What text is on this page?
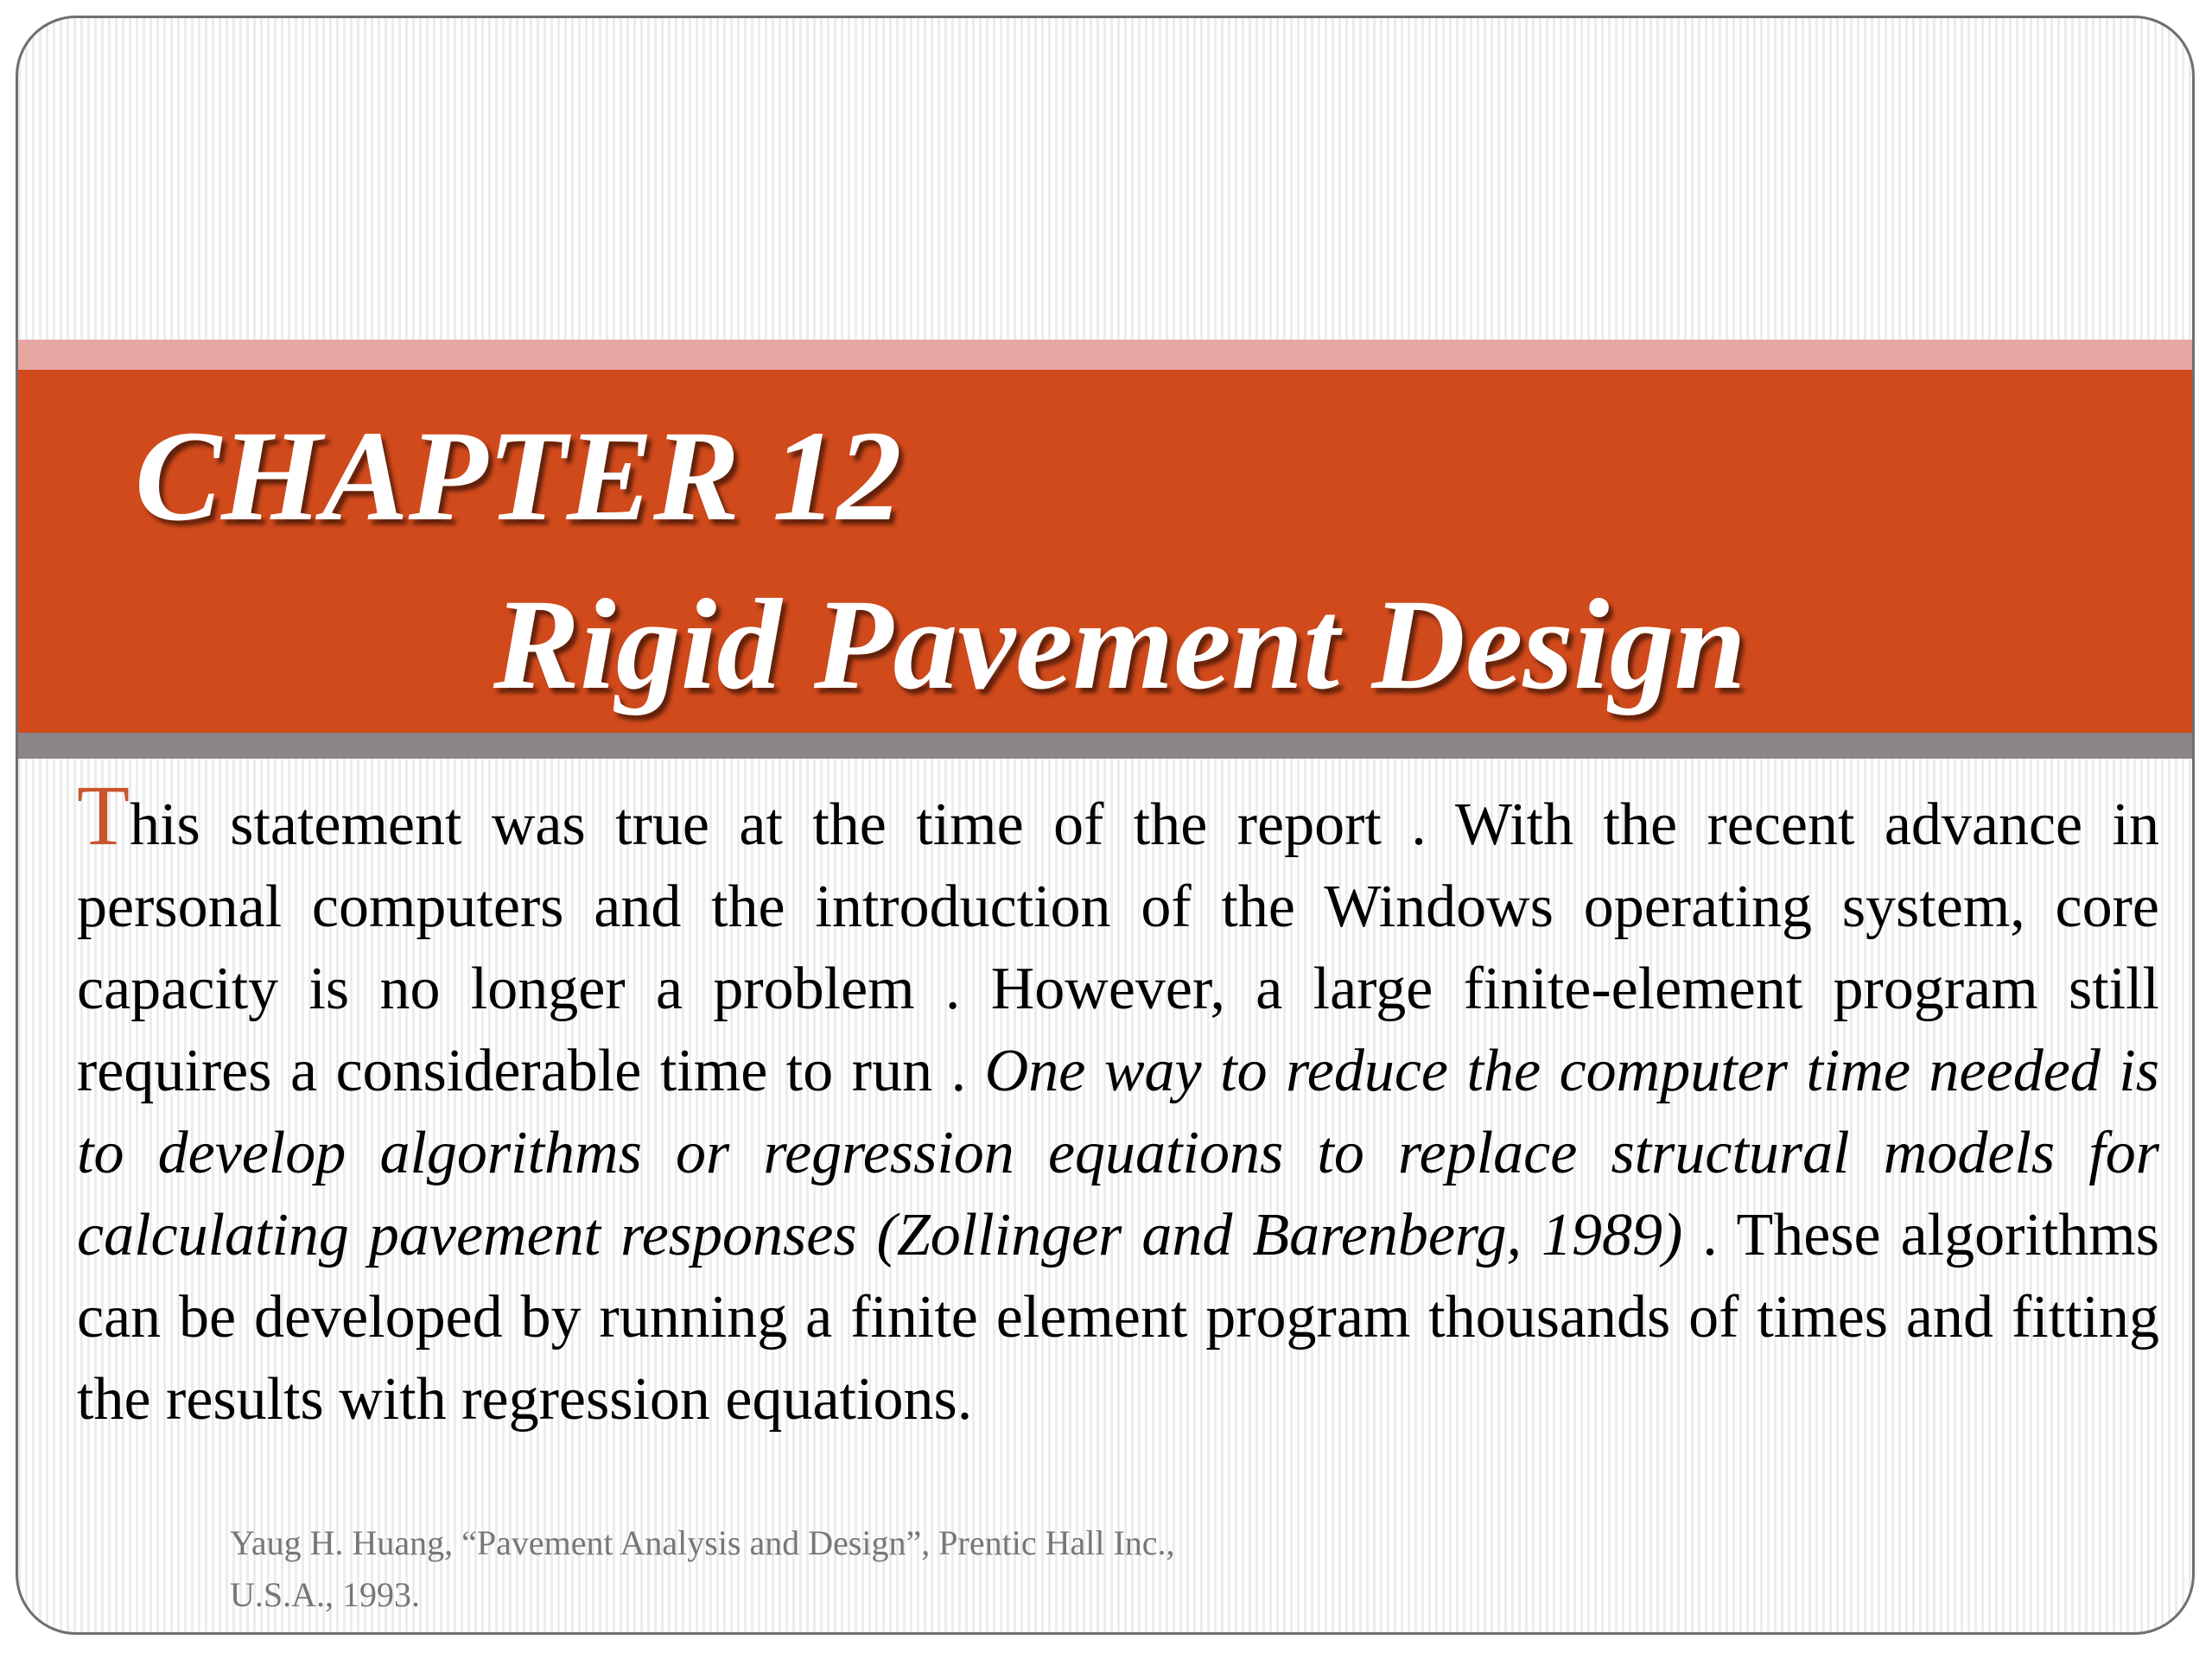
CHAPTER 12
Rigid Pavement Design

This statement was true at the time of the report . With the recent advance in personal computers and the introduction of the Windows operating system, core capacity is no longer a problem . However, a large finite-element program still requires a considerable time to run . One way to reduce the computer time needed is to develop algorithms or regression equations to replace structural models for calculating pavement responses (Zollinger and Barenberg, 1989) . These algorithms can be developed by running a finite element program thousands of times and fitting the results with regression equations.

Yaug H. Huang, “Pavement Analysis and Design”, Prentic Hall Inc.,
U.S.A., 1993.
